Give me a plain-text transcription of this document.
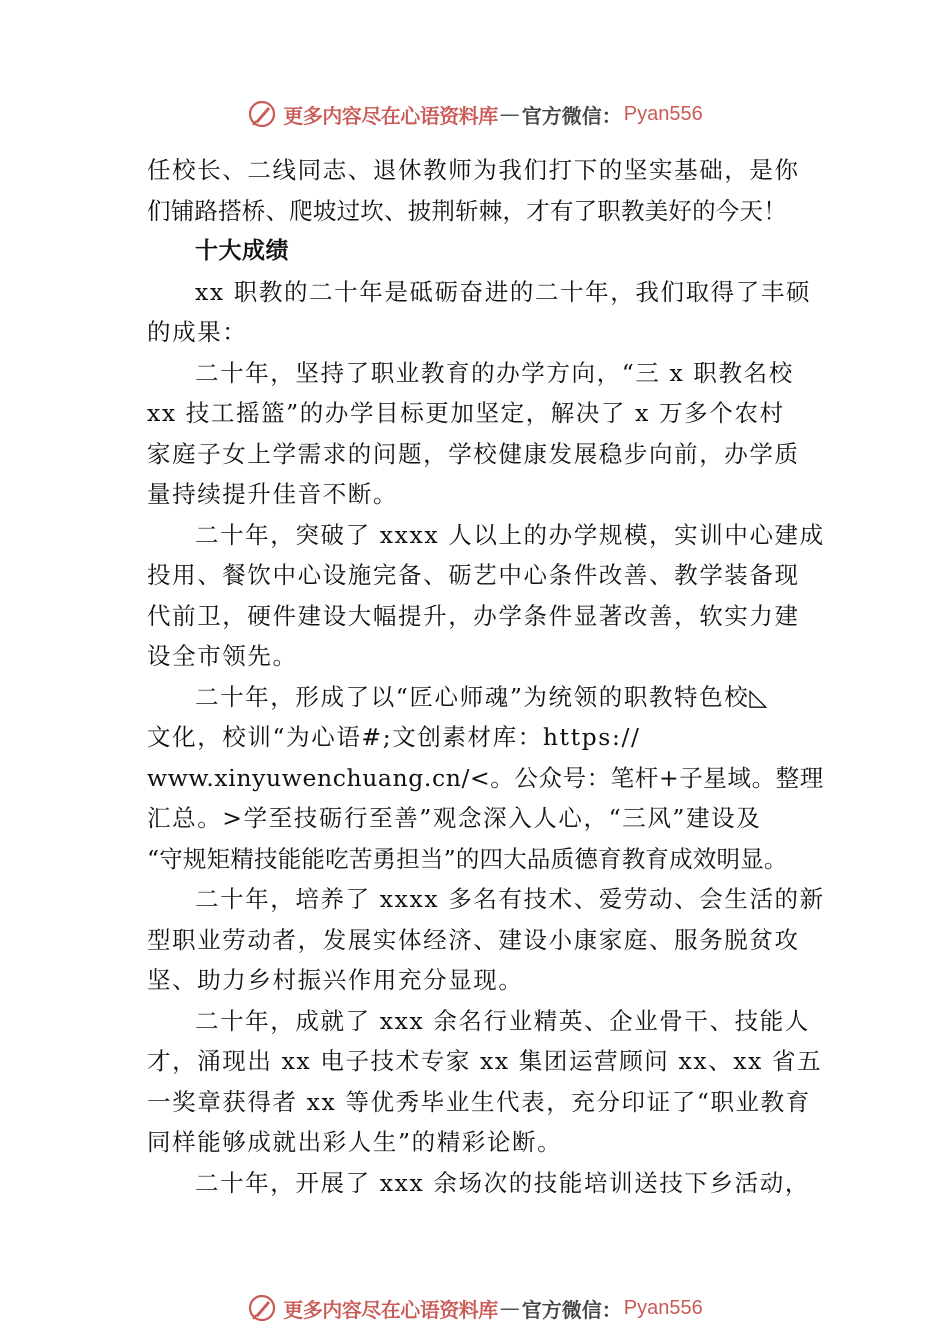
更多内容尽在心语资料库 — 官方微信： Pyan556
任校长、二线同志、退休教师为我们打下的坚实基础，是你
们铺路搭桥、爬坡过坎、披荆斩棘，才有了职教美好的今天！
十大成绩
xx 职教的二十年是砥砺奋进的二十年，我们取得了丰硕
的成果：
二十年，坚持了职业教育的办学方向，“三 x 职教名校
xx 技工摇篮”的办学目标更加坚定，解决了 x 万多个农村
家庭子女上学需求的问题，学校健康发展稳步向前，办学质
量持续提升佳音不断。
二十年，突破了 xxxx 人以上的办学规模，实训中心建成
投用、餐饮中心设施完备、砺艺中心条件改善、教学装备现
代前卫，硬件建设大幅提升，办学条件显著改善，软实力建
设全市领先。
二十年，形成了以“匠心师魂”为统领的职教特色校◺
文化，校训“为心语#;文创素材库：https://
www.xinyuwenchuang.cn/<。公众号：笔杆+子星域。整理
汇总。>学至技砺行至善”观念深入人心，“三风”建设及
“守规矩精技能能吃苦勇担当”的四大品质德育教育成效明显。
二十年，培养了 xxxx 多名有技术、爱劳动、会生活的新
型职业劳动者，发展实体经济、建设小康家庭、服务脱贫攻
坚、助力乡村振兴作用充分显现。
二十年，成就了 xxx 余名行业精英、企业骨干、技能人
才，涌现出 xx 电子技术专家 xx 集团运营顾问 xx、xx 省五
一奖章获得者 xx 等优秀毕业生代表，充分印证了“职业教育
同样能够成就出彩人生”的精彩论断。
二十年，开展了 xxx 余场次的技能培训送技下乡活动，
更多内容尽在心语资料库 — 官方微信： Pyan556
